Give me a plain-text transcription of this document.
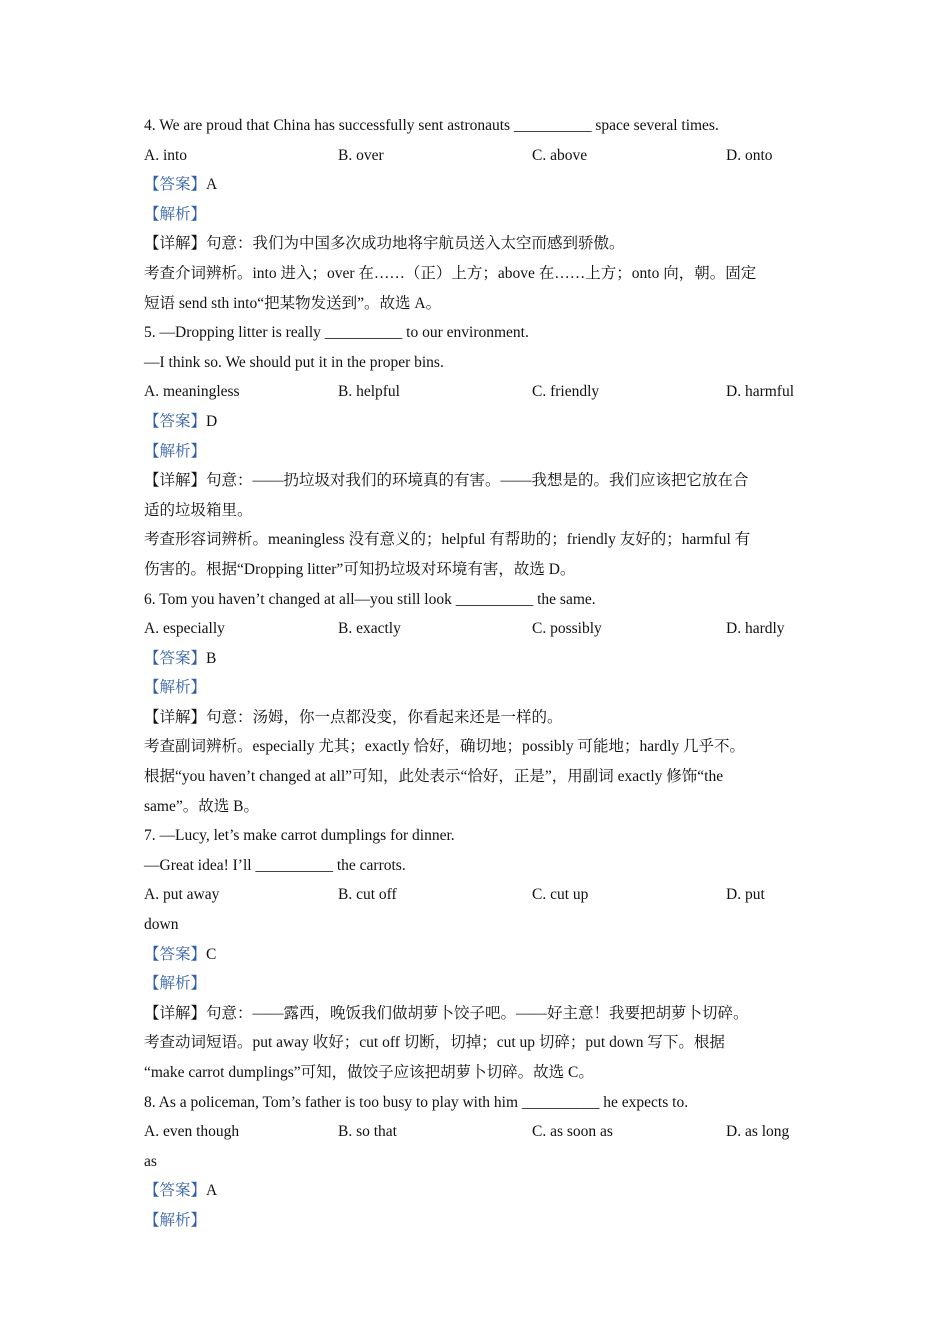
4. We are proud that China has successfully sent astronauts __________ space several times.
A. into	B. over	C. above	D. onto
【答案】A
【解析】
【详解】句意：我们为中国多次成功地将宇航员送入太空而感到骄傲。
考查介词辨析。into 进入；over 在……（正）上方；above 在……上方；onto 向，朝。固定
短语 send sth into“把某物发送到”。故选 A。
5. —Dropping litter is really __________ to our environment.
—I think so. We should put it in the proper bins.
A. meaningless	B. helpful	C. friendly	D. harmful
【答案】D
【解析】
【详解】句意：——扔垃圾对我们的环境真的有害。——我想是的。我们应该把它放在合
适的垃圾箱里。
考查形容词辨析。meaningless 没有意义的；helpful 有帮助的；friendly 友好的；harmful 有
伤害的。根据“Dropping litter”可知扔垃圾对环境有害，故选 D。
6. Tom you haven’t changed at all—you still look __________ the same.
A. especially	B. exactly	C. possibly	D. hardly
【答案】B
【解析】
【详解】句意：汤姆，你一点都没变，你看起来还是一样的。
考查副词辨析。especially 尤其；exactly 恰好，确切地；possibly 可能地；hardly 几乎不。
根据“you haven’t changed at all”可知，此处表示“恰好，正是”，用副词 exactly 修饰“the
same”。故选 B。
7. —Lucy, let’s make carrot dumplings for dinner.
—Great idea! I’ll __________ the carrots.
A. put away	B. cut off	C. cut up	D. put
down
【答案】C
【解析】
【详解】句意：——露西，晚饭我们做胡萝卜饺子吧。——好主意！我要把胡萝卜切碎。
考查动词短语。put away 收好；cut off 切断，切掉；cut up 切碎；put down 写下。根据
“make carrot dumplings”可知，做饺子应该把胡萝卜切碎。故选 C。
8. As a policeman, Tom’s father is too busy to play with him __________ he expects to.
A. even though	B. so that	C. as soon as	D. as long
as
【答案】A
【解析】
